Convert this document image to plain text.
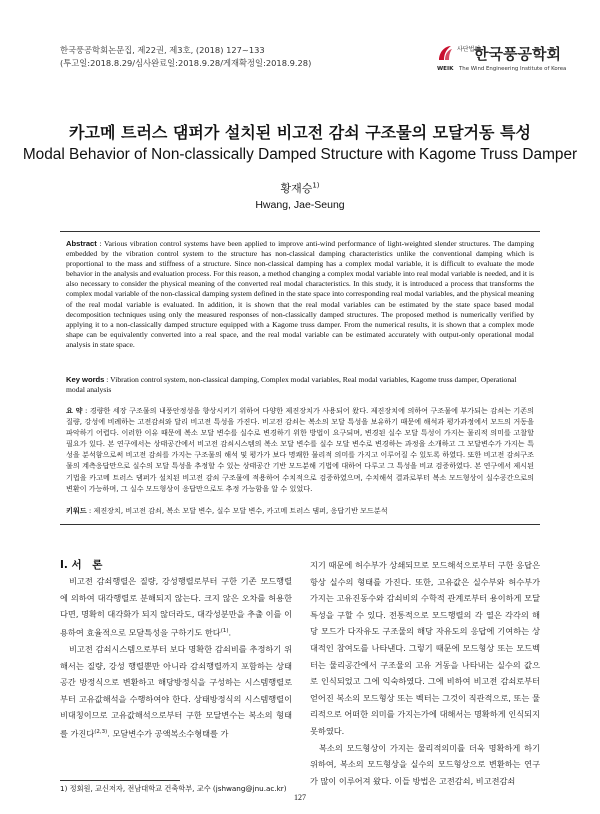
한국풍공학회논문집, 제22권, 제3호, (2018) 127~133
(투고일:2018.8.29/심사완료일:2018.9.28/게재확정일:2018.9.28)
사단법인
한국풍공학회
WEIK The Wind Engineering Institute of Korea
카고메 트러스 댐퍼가 설치된 비고전 감쇠 구조물의 모달거동 특성
Modal Behavior of Non-classically Damped Structure with Kagome Truss Damper
황재승$^{1)}$
Hwang, Jae-Seung
Abstract : Various vibration control systems have been applied to improve anti-wind performance of light-weighted slender structures. The damping embedded by the vibration control system to the structure has non-classical damping characteristics unlike the conventional damping which is proportional to the mass and stiffness of a structure. Since non-classical damping has a complex modal variable, it is difficult to evaluate the mode behavior in the analysis and evaluation process. For this reason, a method changing a complex modal variable into real modal variable is needed, and it is also necessary to consider the physical meaning of the converted real modal characteristics. In this study, it is introduced a process that transforms the complex modal variable of the non-classical damping system defined in the state space into corresponding real modal variables, and the physical meaning of the real modal variable is evaluated. In addition, it is shown that the real modal variables can be estimated by the state space based modal decomposition techniques using only the measured responses of non-classically damped structures. The proposed method is numerically verified by applying it to a non-classically damped structure equipped with a Kagome truss damper. From the numerical results, it is shown that a complex mode shape can be equivalently converted into a real space, and the real modal variable can be estimated accurately with output-only operational modal analysis in state space.
Key words : Vibration control system, non-classical damping, Complex modal variables, Real modal variables, Kagome truss damper, Operational modal analysis
요 약 : 경량한 세장 구조물의 내풍안정성을 향상시키기 위하여 다양한 제진장치가 사용되어 왔다. 제진장치에 의하여 구조물에 부가되는 감쇠는 기존의 질량, 강성에 비례하는 고전감쇠와 달리 비고전 특성을 가진다. 비고전 감쇠는 복소의 모달 특성을 보유하기 때문에 해석과 평가과정에서 모드의 거동을 파악하기 어렵다. 이러한 이유 때문에 복소 모달 변수를 실수로 변경하기 위한 방법이 요구되며, 변경된 실수 모달 특성이 가지는 물리적 의미를 고찰할 필요가 있다. 본 연구에서는 상태공간에서 비고전 감쇠시스템의 복소 모달 변수를 실수 모달 변수로 변경하는 과정을 소개하고 그 모달변수가 가지는 특성을 분석함으로써 비고전 감쇠를 가지는 구조물의 해석 및 평가가 보다 명쾌한 물리적 의미를 가지고 이루어질 수 있도록 하였다. 또한 비고전 감쇠구조물의 계측응답만으로 실수의 모달 특성을 추정할 수 있는 상태공간 기반 모드분해 기법에 대하여 다루고 그 특성을 비교 검증하였다. 본 연구에서 제시된 기법을 카고메 트러스 댐퍼가 설치된 비고전 감쇠 구조물에 적용하여 수치적으로 검증하였으며, 수치해석 결과로부터 복소 모드형상이 실수공간으로의 변환이 가능하며, 그 실수 모드형상이 응답만으로도 추정 가능함을 알 수 있었다.
키워드 : 제진장치, 비고전 감쇠, 복소 모달 변수, 실수 모달 변수, 카고메 트러스 댐퍼, 응답기반 모드분석
I. 서　론

비고전 감쇠행렬은 질량, 강성행렬로부터 구한 기존 모드행렬에 의하여 대각행렬로 분해되지 않는다. 크지 않은 오차를 허용한다면, 명확히 대각화가 되지 않더라도, 대각성분만을 추출 이를 이용하여 효율적으로 모달특성을 구하기도 한다$^{(1)}$.

비고전 감쇠시스템으로부터 보다 명확한 감쇠비를 추정하기 위해서는 질량, 강성 행렬뿐만 아니라 감쇠행렬까지 포함하는 상태공간 방정식으로 변환하고 해당방정식을 구성하는 시스템행렬로부터 고유값해석을 수행하여야 한다. 상태방정식의 시스템행렬이 비대칭이므로 고유값해석으로부터 구한 모달변수는 복소의 형태를 가진다$^{(2,3)}$. 모달변수가 공액복소수형태를 가

지기 때문에 허수부가 상쇄되므로 모드해석으로부터 구한 응답은 항상 실수의 형태를 가진다. 또한, 고유값은 실수부와 허수부가 가지는 고유진동수와 감쇠비의 수학적 관계로부터 용이하게 모달특성을 구할 수 있다. 전통적으로 모드행렬의 각 열은 각각의 해당 모드가 다자유도 구조물의 해당 자유도의 응답에 기여하는 상대적인 참여도를 나타낸다. 그렇기 때문에 모드형상 또는 모드벡터는 물리공간에서 구조물의 고유 거동을 나타내는 실수의 값으로 인식되었고 그에 익숙하였다. 그에 비하여 비고전 감쇠로부터 얻어진 복소의 모드형상 또는 벡터는 그것이 직관적으로, 또는 물리적으로 어떠한 의미를 가지는가에 대해서는 명확하게 인식되지 못하였다.

복소의 모드형상이 가지는 물리적의미를 더욱 명확하게 하기 위하여, 복소의 모드형상을 실수의 모드형상으로 변환하는 연구가 많이 이루어져 왔다. 이들 방법은 고전감쇠, 비고전감쇠

1) 정회원, 교신저자, 전남대학교 건축학부, 교수 (jshwang@jnu.ac.kr)
127
